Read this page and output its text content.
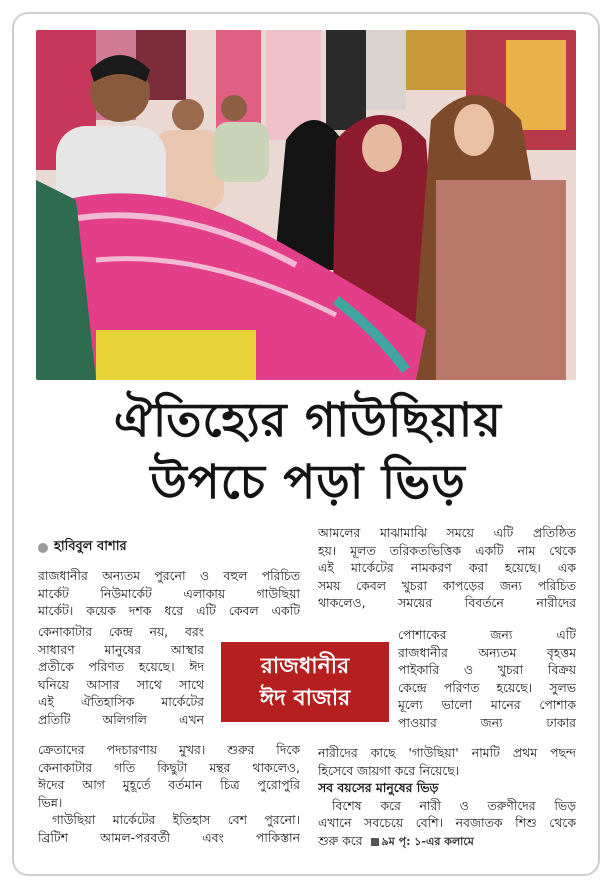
ঐতিহ্যের গাউছিয়ায়
উপচে পড়া ভিড়
হাবিবুল বাশার
রাজধানীর অন্যতম পুরনো ও বহুল পরিচিত
মার্কেট নিউমার্কেট এলাকায় গাউছিয়া
মার্কেট। কয়েক দশক ধরে এটি কেবল একটি
কেনাকাটার কেন্দ্র নয়, বরং
সাধারণ মানুষের আস্থার
প্রতীকে পরিণত হয়েছে। ঈদ
ঘনিয়ে আসার সাথে সাথে
এই ঐতিহাসিক মার্কেটের
প্রতিটি অলিগলি এখন
ক্রেতাদের পদচারণায় মুখর। শুরুর দিকে
কেনাকাটার গতি কিছুটা মন্থর থাকলেও,
ঈদের আগ মুহূর্তে বর্তমান চিত্র পুরোপুরি
ভিন্ন।
গাউছিয়া মার্কেটের ইতিহাস বেশ পুরনো।
ব্রিটিশ আমল-পরবর্তী এবং পাকিস্তান
রাজধানীর
ঈদ বাজার
আমলের মাঝামাঝি সময়ে এটি প্রতিষ্ঠিত
হয়। মূলত তরিকতভিত্তিক একটি নাম থেকে
এই মার্কেটের নামকরণ করা হয়েছে। এক
সময় কেবল খুচরা কাপড়ের জন্য পরিচিত
থাকলেও, সময়ের বিবর্তনে নারীদের
পোশাকের জন্য এটি
রাজধানীর অন্যতম বৃহত্তম
পাইকারি ও খুচরা বিক্রয়
কেন্দ্রে পরিণত হয়েছে। সুলভ
মূল্যে ভালো মানের পোশাক
পাওয়ার জন্য ঢাকার
নারীদের কাছে 'গাউছিয়া' নামটি প্রথম পছন্দ
হিসেবে জায়গা করে নিয়েছে।
সব বয়সের মানুষের ভিড়
বিশেষ করে নারী ও তরুণীদের ভিড়
এখানে সবচেয়ে বেশি। নবজাতক শিশু থেকে
শুরু করে ৯ম পৃ: ১-এর কলামে
